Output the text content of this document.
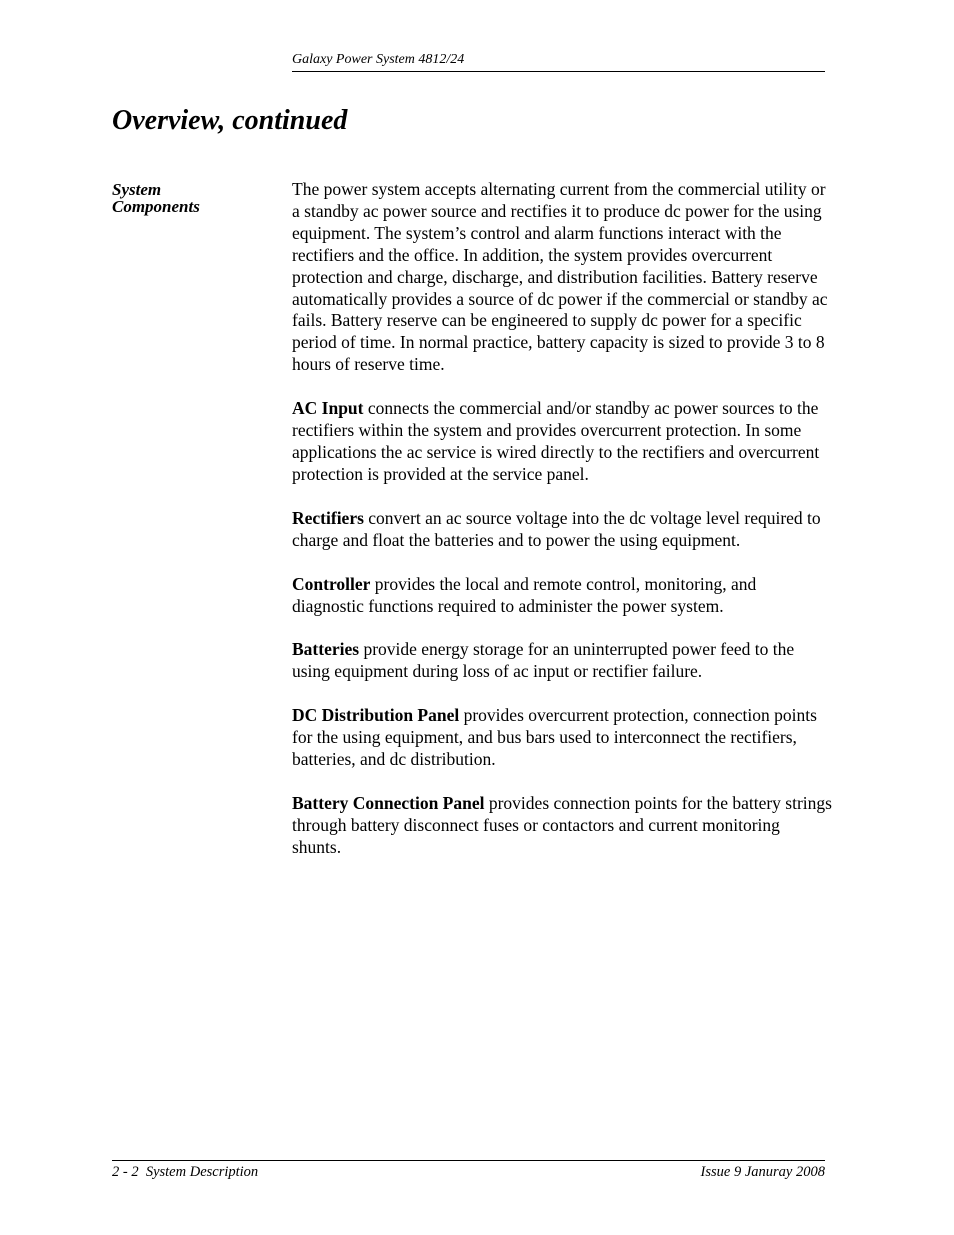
Galaxy Power System 4812/24
Overview, continued
System
Components

The power system accepts alternating current from the commercial utility or a standby ac power source and rectifies it to produce dc power for the using equipment. The system’s control and alarm functions interact with the rectifiers and the office. In addition, the system provides overcurrent protection and charge, discharge, and distribution facilities. Battery reserve automatically provides a source of dc power if the commercial or standby ac fails. Battery reserve can be engineered to supply dc power for a specific period of time. In normal practice, battery capacity is sized to provide 3 to 8 hours of reserve time.

AC Input connects the commercial and/or standby ac power sources to the rectifiers within the system and provides overcurrent protection. In some applications the ac service is wired directly to the rectifiers and overcurrent protection is provided at the service panel.

Rectifiers convert an ac source voltage into the dc voltage level required to charge and float the batteries and to power the using equipment.

Controller provides the local and remote control, monitoring, and diagnostic functions required to administer the power system.

Batteries provide energy storage for an uninterrupted power feed to the using equipment during loss of ac input or rectifier failure.

DC Distribution Panel provides overcurrent protection, connection points for the using equipment, and bus bars used to interconnect the rectifiers, batteries, and dc distribution.

Battery Connection Panel provides connection points for the battery strings through battery disconnect fuses or contactors and current monitoring shunts.

2 - 2  System Description	Issue 9 Januray 2008
